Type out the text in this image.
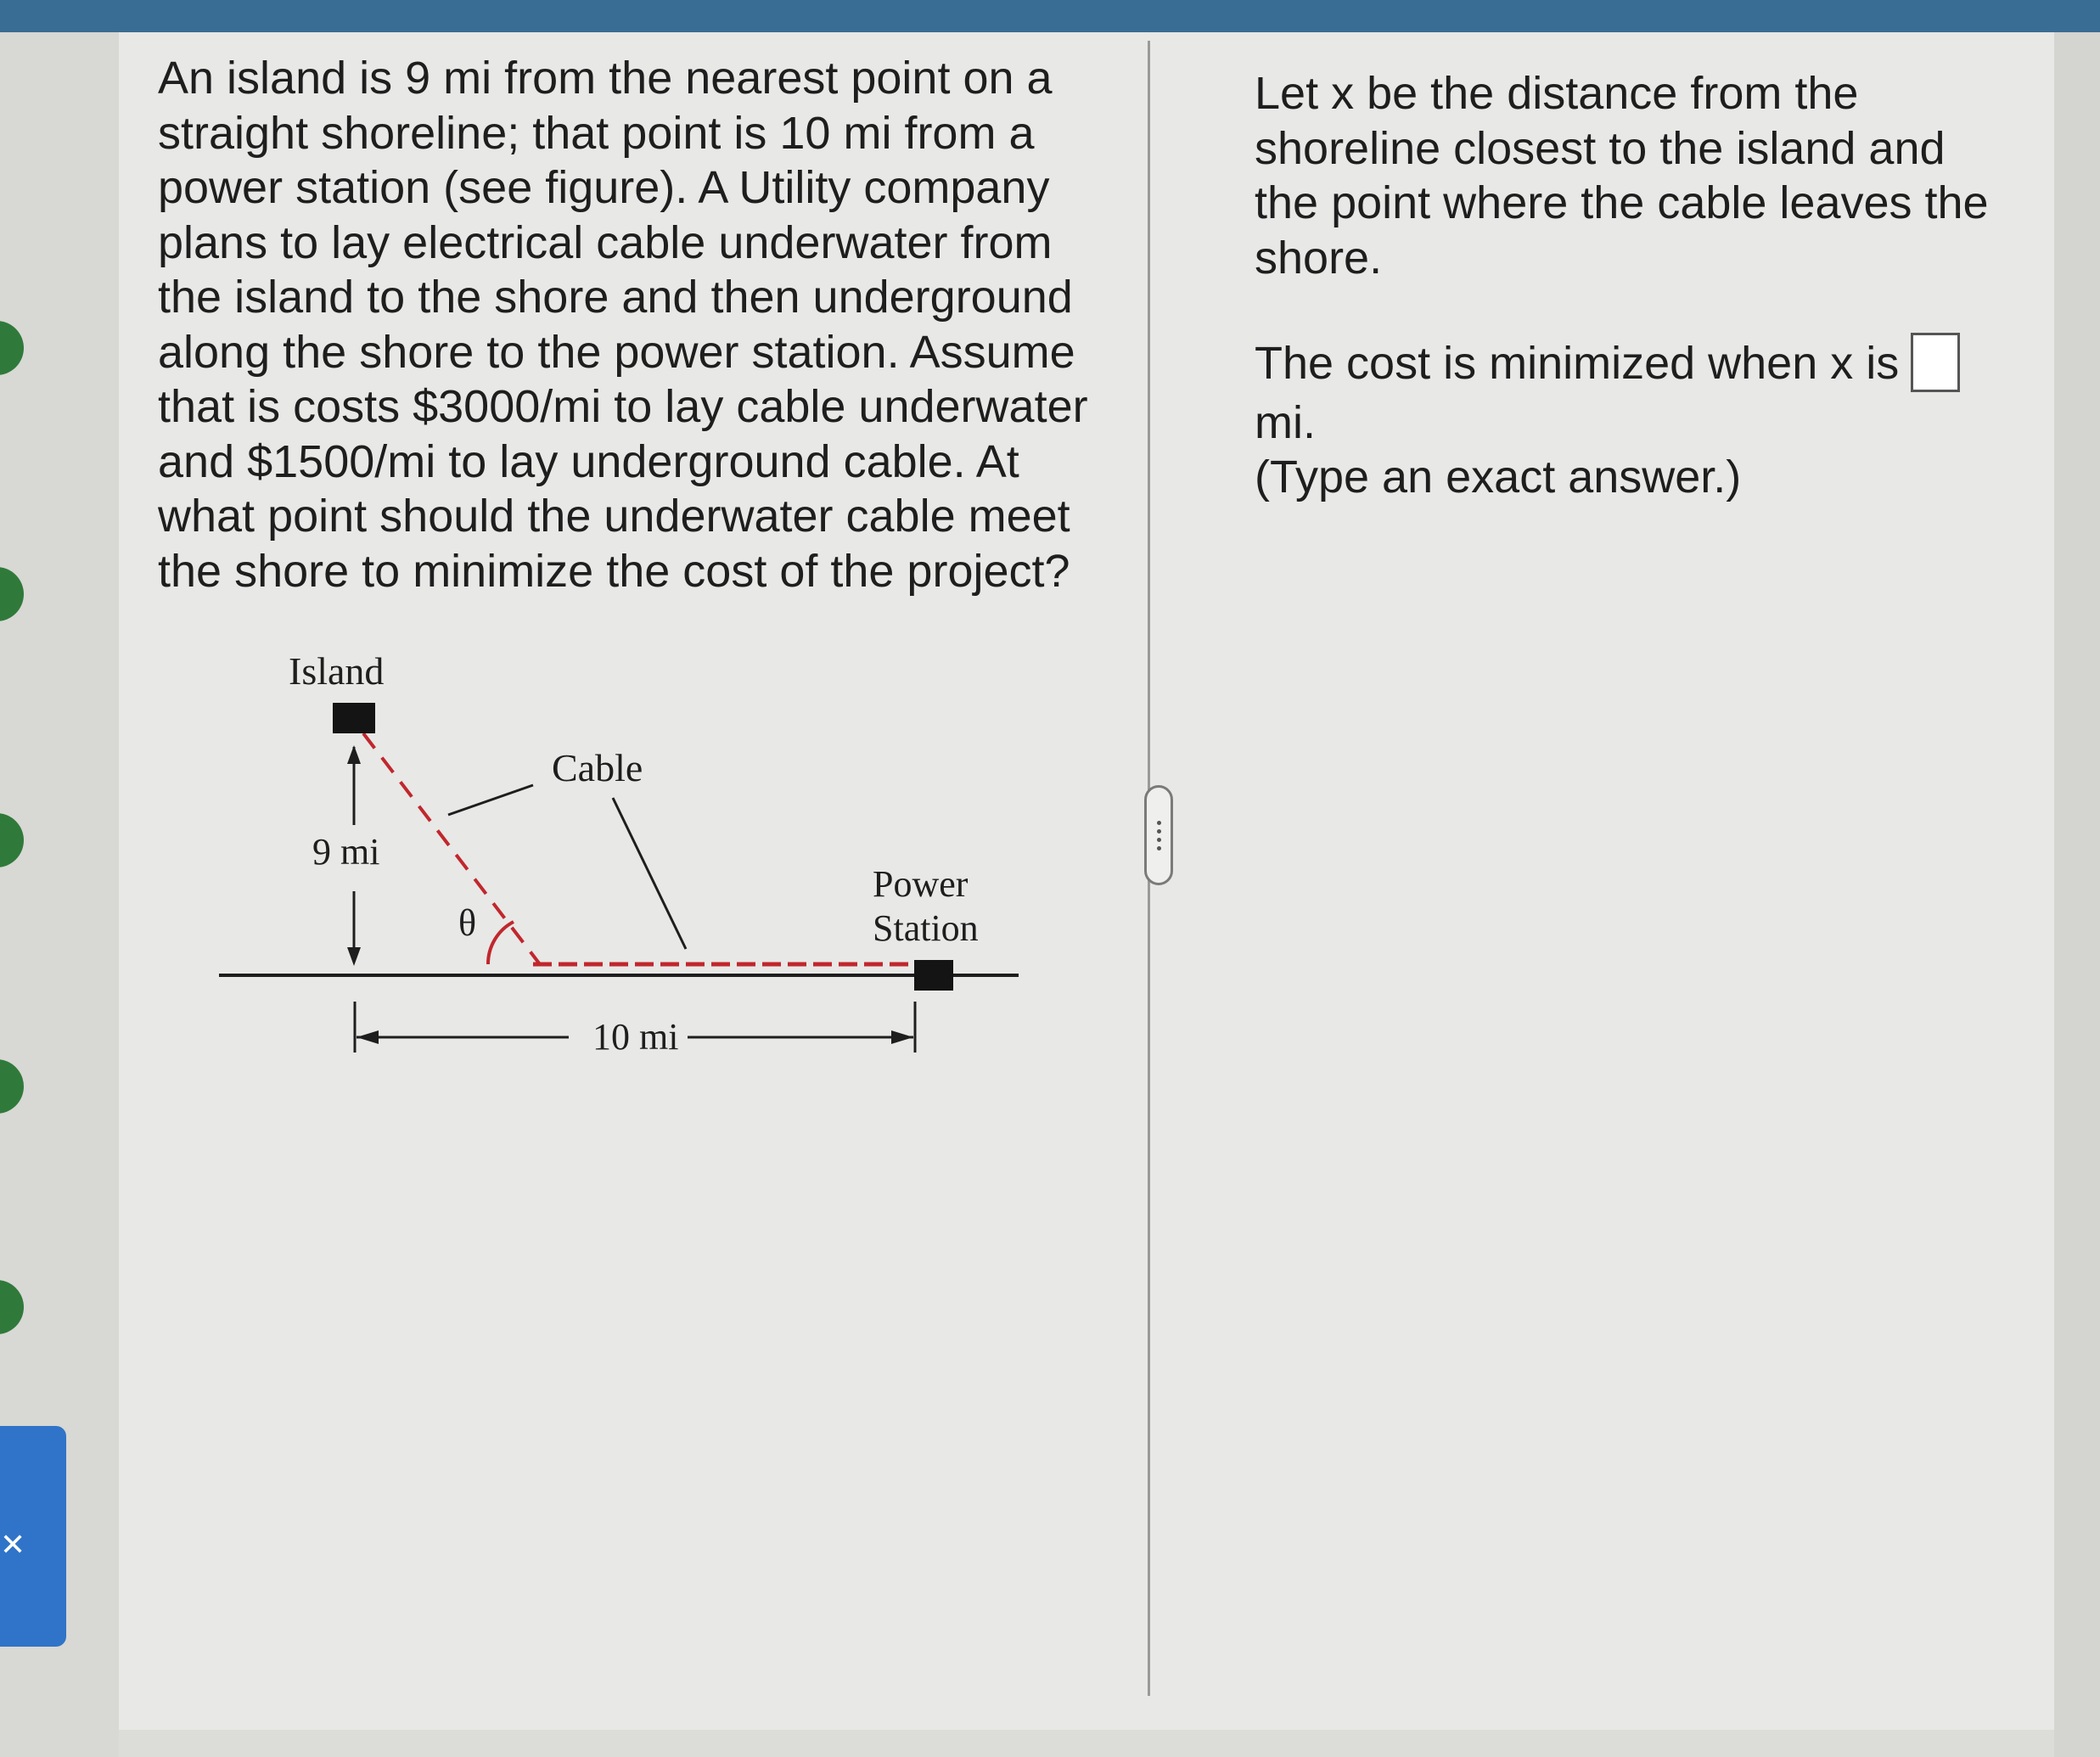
✕

An island is 9 mi from the nearest point on a straight shoreline; that point is 10 mi from a power station (see figure). A Utility company plans to lay electrical cable underwater from the island to the shore and then underground along the shore to the power station. Assume that is costs $3000/mi to lay cable underwater and $1500/mi to lay underground cable. At what point should the underwater cable meet the shore to minimize the cost of the project?

Island
Cable
9 mi
θ
Power
Station
10 mi

Let x be the distance from the shoreline closest to the island and the point where the cable leaves the shore.

The cost is minimized when x is

mi.

(Type an exact answer.)
